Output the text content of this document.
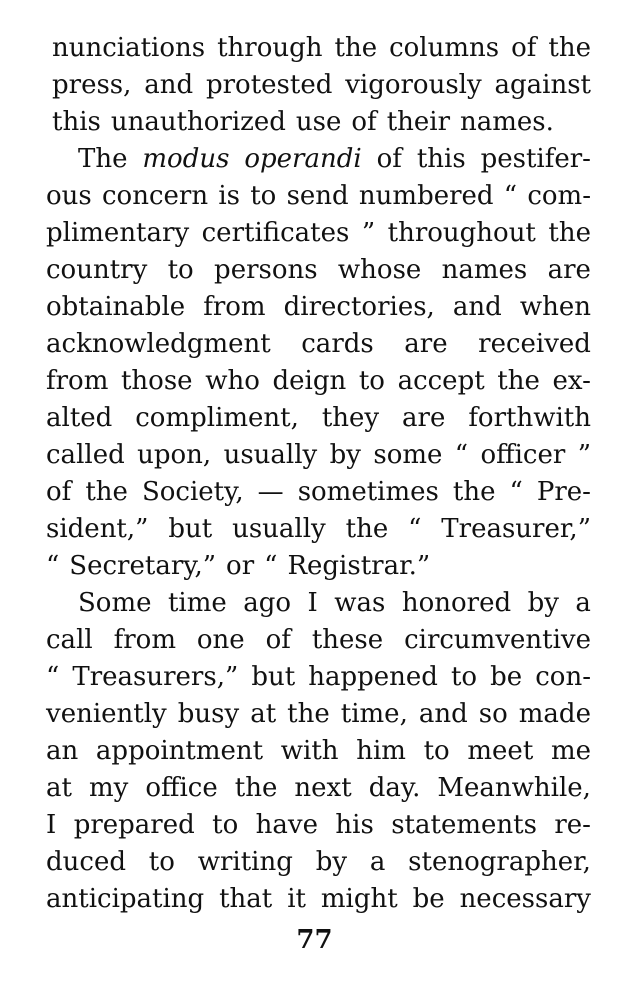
nunciations through the columns of the
press, and protested vigorously against
this unauthorized use of their names.
The modus operandi of this pestifer-
ous concern is to send numbered “ com-
plimentary certificates ” throughout the
country to persons whose names are
obtainable from directories, and when
acknowledgment cards are received
from those who deign to accept the ex-
alted compliment, they are forthwith
called upon, usually by some “ officer ”
of the Society, — sometimes the “ Pre-
sident,” but usually the “ Treasurer,”
“ Secretary,” or “ Registrar.”
Some time ago I was honored by a
call from one of these circumventive
“ Treasurers,” but happened to be con-
veniently busy at the time, and so made
an appointment with him to meet me
at my office the next day. Meanwhile,
I prepared to have his statements re-
duced to writing by a stenographer,
anticipating that it might be necessary
77
